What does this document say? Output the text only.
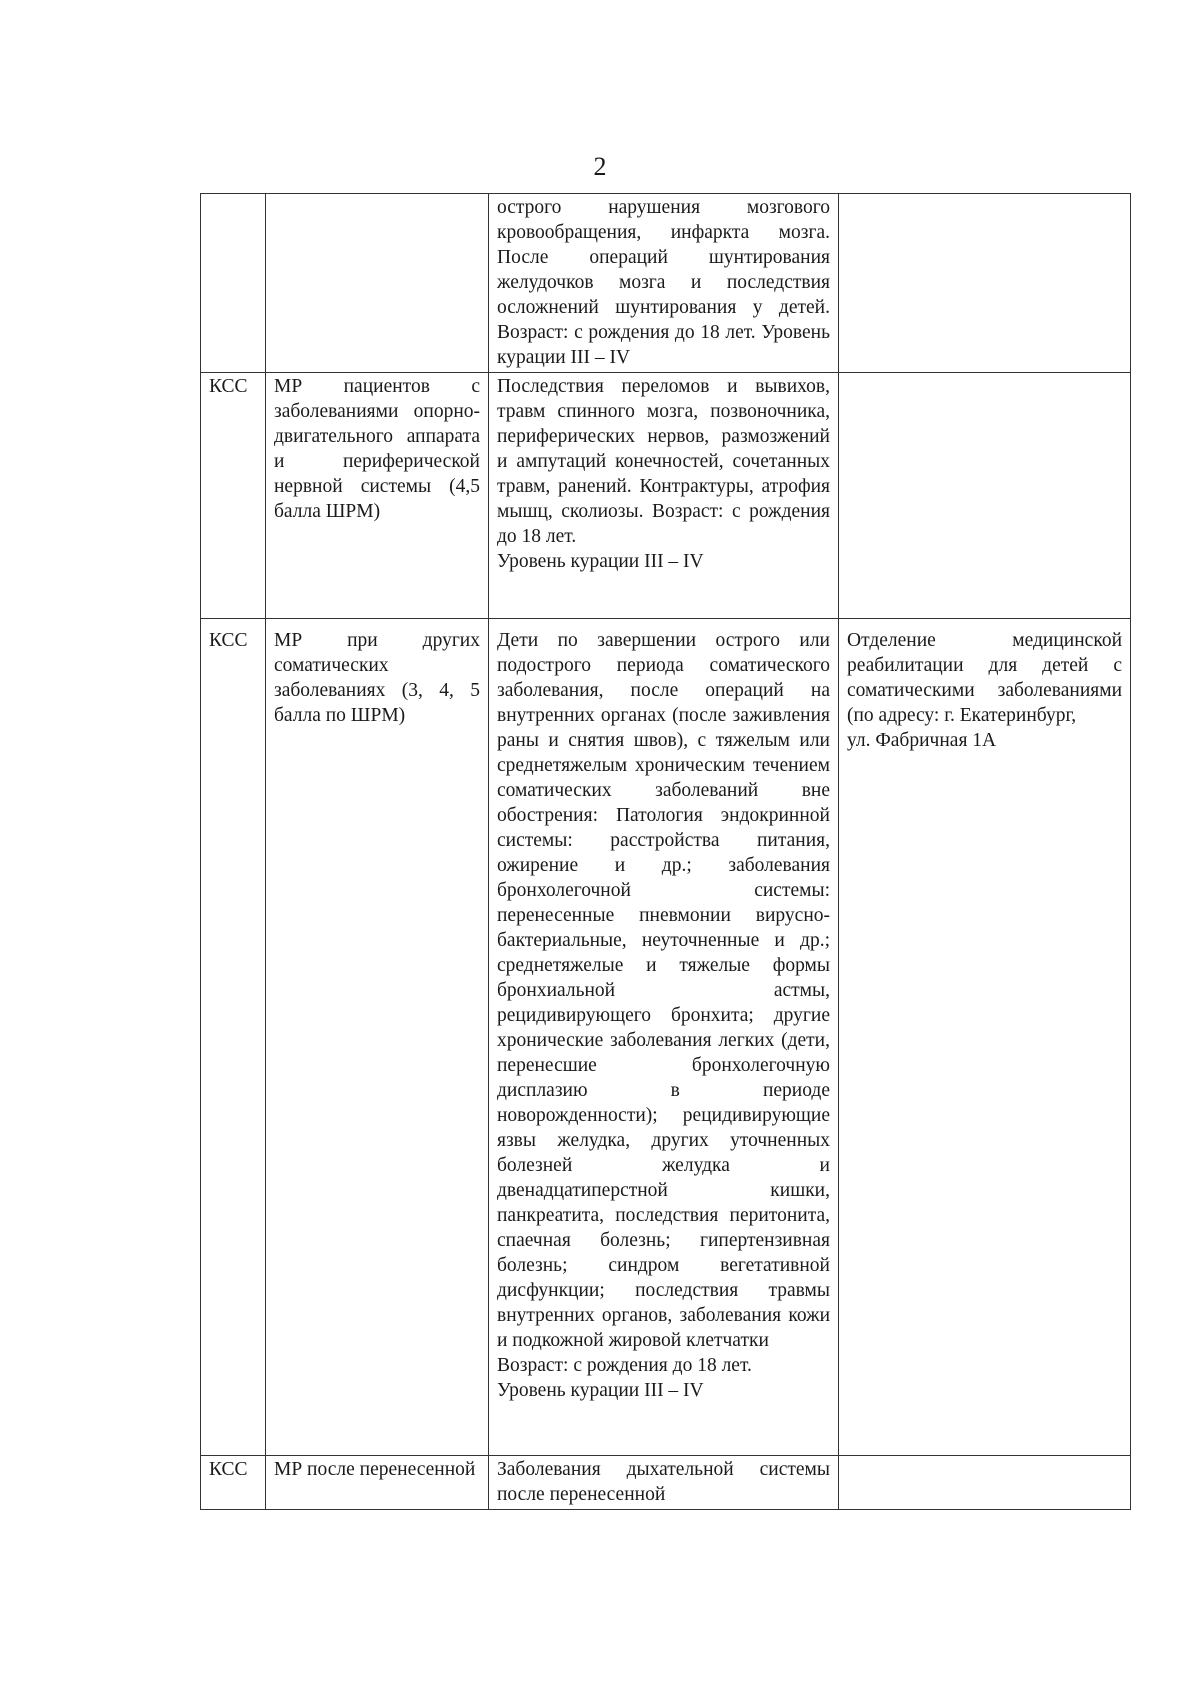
2
		острого нарушения мозгового кровообращения, инфаркта мозга. После операций шунтирования желудочков мозга и последствия осложнений шунтирования у детей. Возраст: с рождения до 18 лет. Уровень курации III – IV	
КСС	МР пациентов с заболеваниями опорно-двигательного аппарата и периферической нервной системы (4,5 балла ШРМ)	Последствия переломов и вывихов, травм спинного мозга, позвоночника, периферических нервов, размозжений и ампутаций конечностей, сочетанных травм, ранений. Контрактуры, атрофия мышц, сколиозы. Возраст: с рождения до 18 лет.
Уровень курации III – IV	

КСС	МР при других соматических заболеваниях (3, 4, 5 балла по ШРМ)	Дети по завершении острого или подострого периода соматического заболевания, после операций на внутренних органах (после заживления раны и снятия швов), с тяжелым или среднетяжелым хроническим течением соматических заболеваний вне обострения: Патология эндокринной системы: расстройства питания, ожирение и др.; заболевания бронхолегочной системы: перенесенные пневмонии вирусно-бактериальные, неуточненные и др.; среднетяжелые и тяжелые формы бронхиальной астмы, рецидивирующего бронхита; другие хронические заболевания легких (дети, перенесшие бронхолегочную дисплазию в периоде новорожденности); рецидивирующие язвы желудка, других уточненных болезней желудка и двенадцатиперстной кишки, панкреатита, последствия перитонита, спаечная болезнь; гипертензивная болезнь; синдром вегетативной дисфункции; последствия травмы внутренних органов, заболевания кожи и подкожной жировой клетчатки
Возраст: с рождения до 18 лет.
Уровень курации III – IV	Отделение медицинской реабилитации для детей с соматическими заболеваниями (по адресу: г. Екатеринбург,
ул. Фабричная 1А

КСС	МР после перенесенной	Заболевания дыхательной системы после перенесенной	
